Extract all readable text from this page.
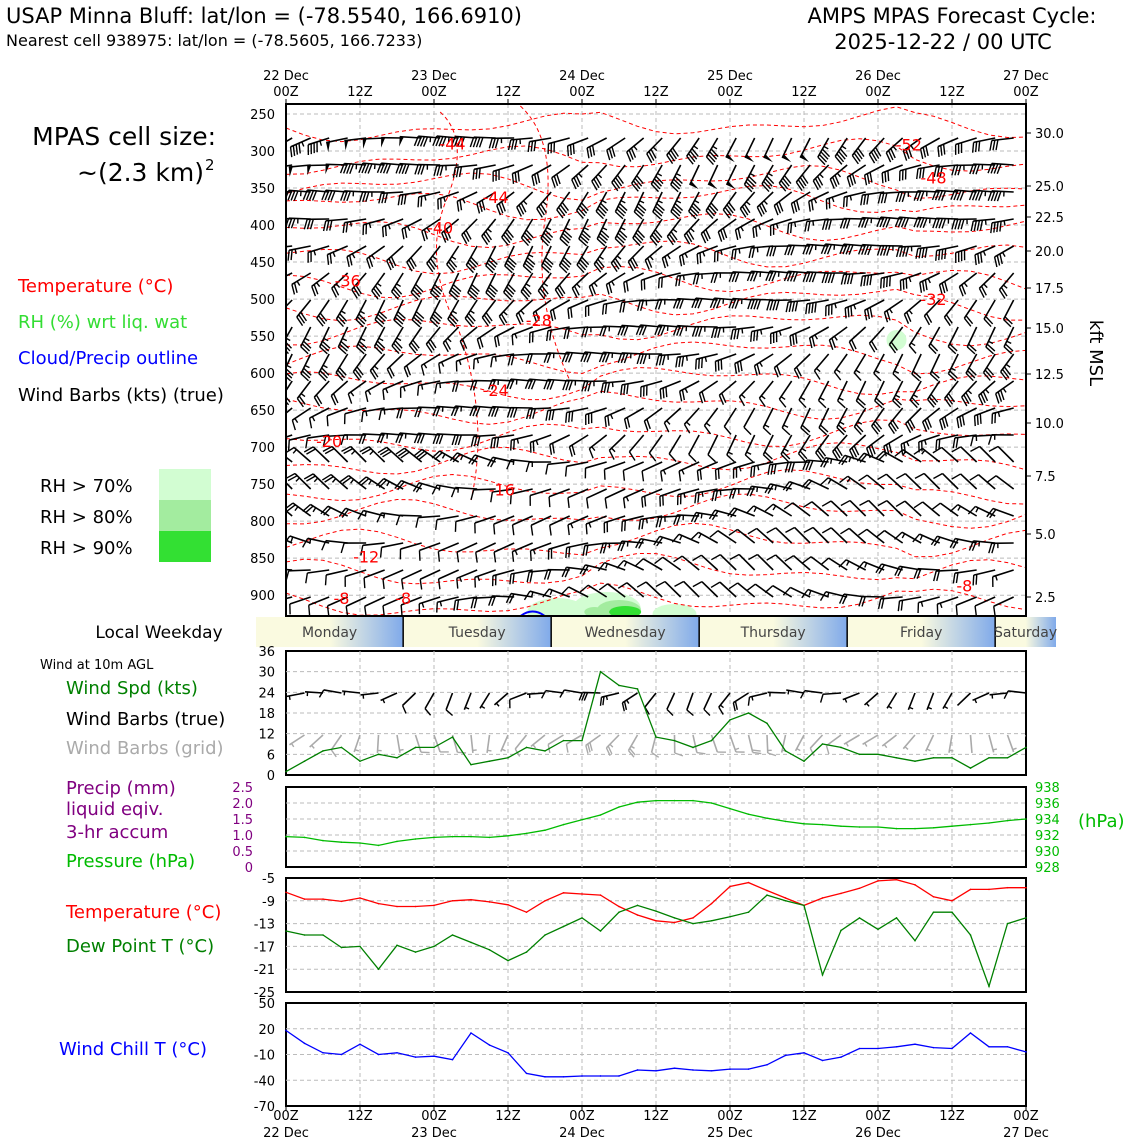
USAP Minna Bluff: lat/lon = (-78.5540, 166.6910)
Nearest cell 938975: lat/lon = (-78.5605, 166.7233)
AMPS MPAS Forecast Cycle:
2025-12-22 / 00 UTC
MPAS cell size:
~(2.3 km) 2
Temperature (°C)
RH (%) wrt liq. wat
Cloud/Precip outline
Wind Barbs (kts) (true)
RH > 70%
RH > 80%
RH > 90%
-44	-52
-48
-44
-40
-36
-32
-28
-24
-20
-16
-12
-8	-8
-8
250
300
350
400
450
500
550
600
650
700
750
800
850
900
30.0
25.0
22.5
20.0
17.5
15.0
12.5
10.0
7.5
5.0
2.5
kft MSL
22 Dec
00Z	12Z
23 Dec
00Z	12Z
24 Dec
00Z	12Z
25 Dec
00Z	12Z
26 Dec
00Z	12Z
27 Dec
00Z
Local Weekday	Monday	Tuesday	Wednesday	Thursday	Friday	Saturday
Wind at 10m AGL
Wind Spd (kts)
Wind Barbs (true)
Wind Barbs (grid)
0
6
12
18
24
30
36
Precip (mm)
liquid eqiv.
3-hr accum
Pressure (hPa)
(hPa)
0
0.5
1.0
1.5
2.0
2.5
928
930
932
934
936
938
Temperature (°C)
Dew Point T (°C)
-5
-9
-13
-17
-21
-25
Wind Chill T (°C)
50
20
-10
-40
-70
00Z
22 Dec
12Z	00Z
23 Dec
12Z	00Z
24 Dec
12Z	00Z
25 Dec
12Z	00Z
26 Dec
12Z	00Z
27 Dec
